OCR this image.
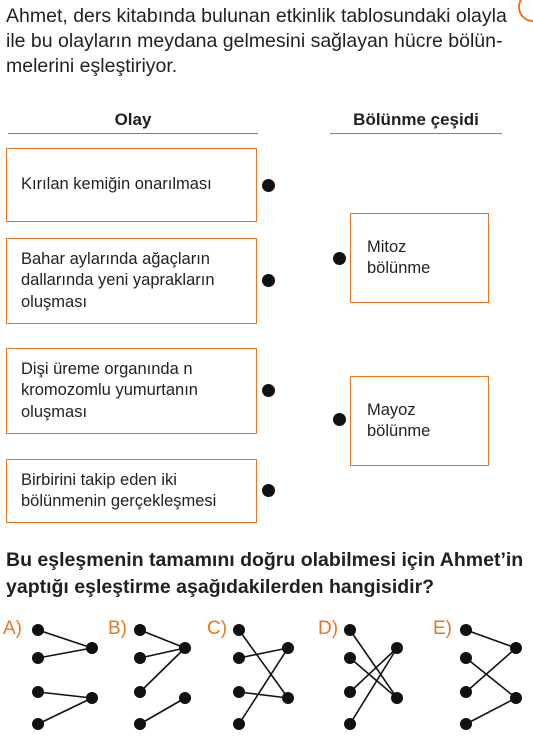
Ahmet, ders kitabında bulunan etkinlik tablosundaki olayla
ile bu olayların meydana gelmesini sağlayan hücre bölün-
melerini eşleştiriyor.
Olay	Bölünme çeşidi
Kırılan kemiğin onarılması
Bahar aylarında ağaçların
dallarında yeni yaprakların
oluşması
Dişi üreme organında n
kromozomlu yumurtanın
oluşması
Birbirini takip eden iki
bölünmenin gerçekleşmesi
Mitoz
bölünme
Mayoz
bölünme
Bu eşleşmenin tamamını doğru olabilmesi için Ahmet’in
yaptığı eşleştirme aşağıdakilerden hangisidir?
A)	B)	C)	D)	E)
